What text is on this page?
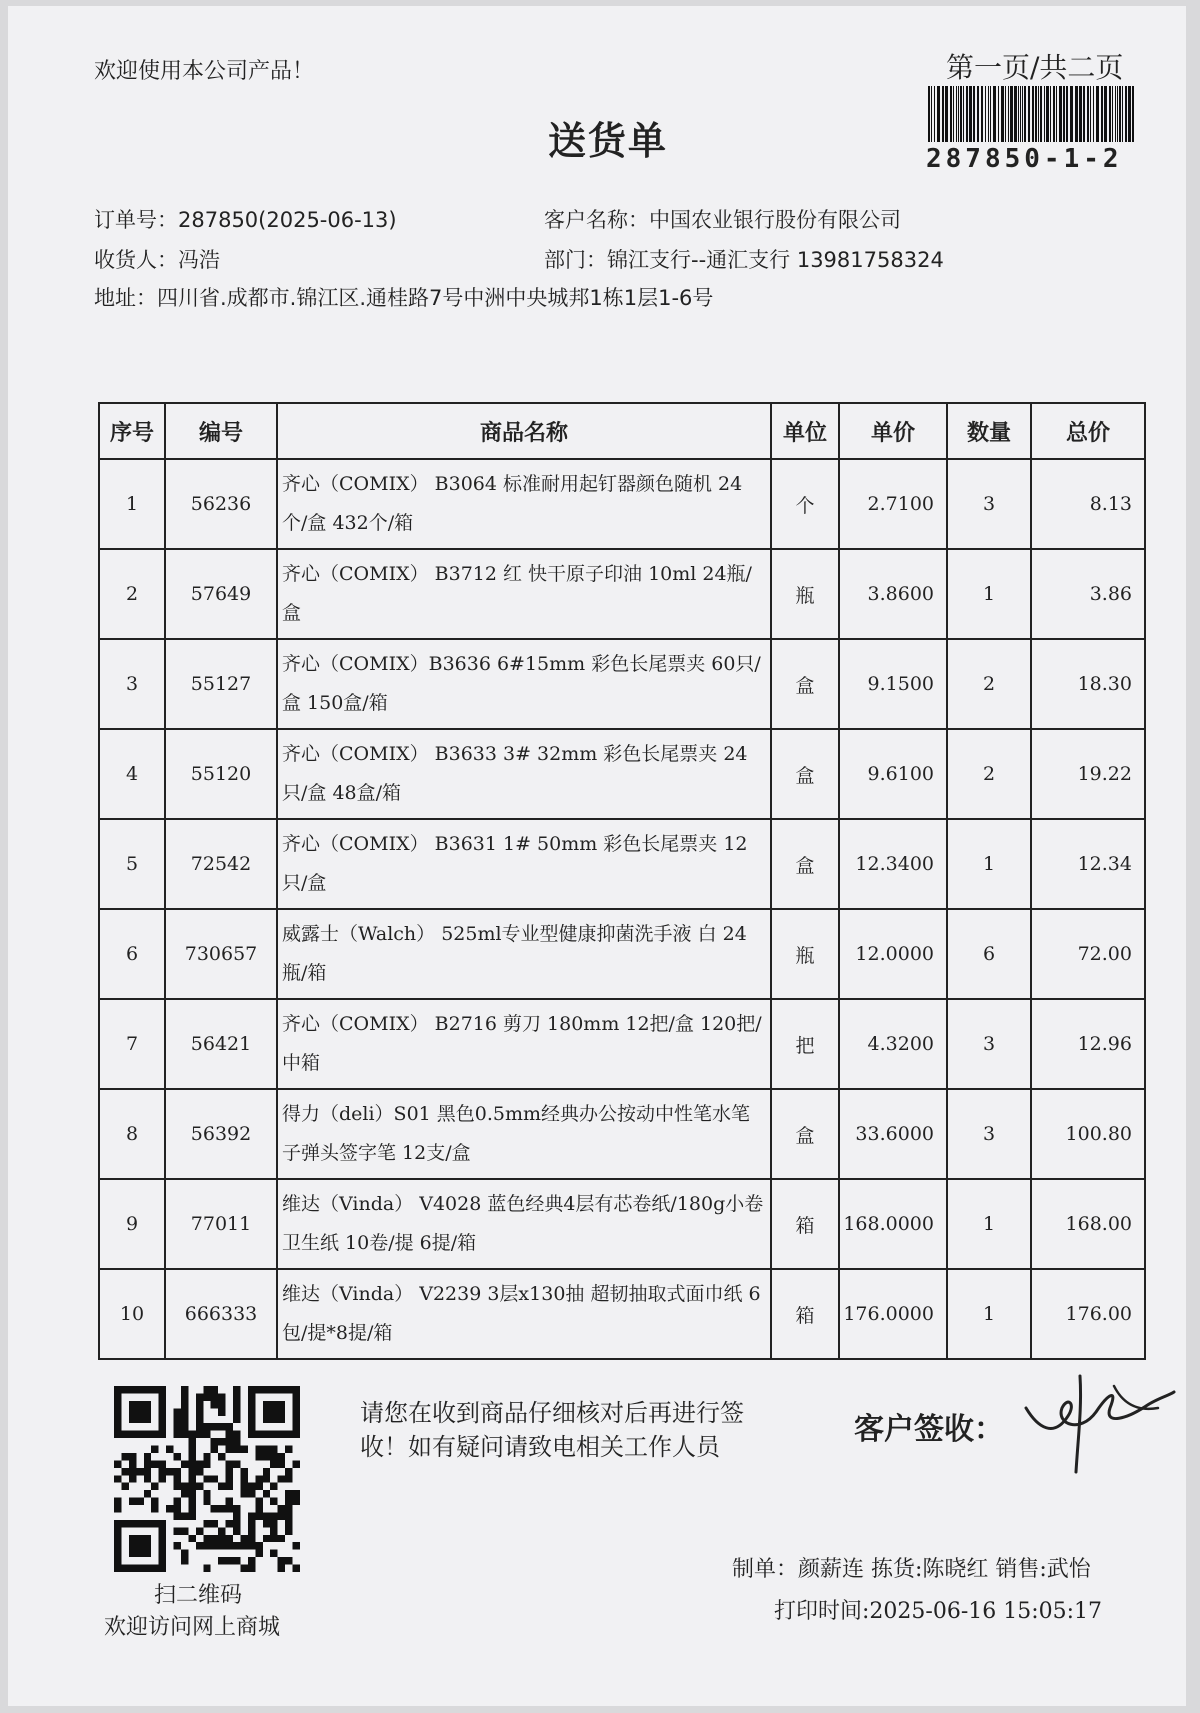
欢迎使用本公司产品！	第一页/共二页
287850-1-2
送货单
订单号：287850(2025-06-13)	客户名称：中国农业银行股份有限公司
收货人：冯浩	部门：锦江支行--通汇支行 13981758324
地址：四川省.成都市.锦江区.通桂路7号中洲中央城邦1栋1层1-6号
序号	编号	商品名称	单位	单价	数量	总价
1	56236	齐心（COMIX） B3064 标准耐用起钉器颜色随机 24个/盒 432个/箱	个	2.7100	3	8.13
2	57649	齐心（COMIX） B3712 红 快干原子印油 10ml 24瓶/盒	瓶	3.8600	1	3.86
3	55127	齐心（COMIX）B3636 6#15mm 彩色长尾票夹 60只/盒 150盒/箱	盒	9.1500	2	18.30
4	55120	齐心（COMIX） B3633 3# 32mm 彩色长尾票夹 24只/盒 48盒/箱	盒	9.6100	2	19.22
5	72542	齐心（COMIX） B3631 1# 50mm 彩色长尾票夹 12只/盒	盒	12.3400	1	12.34
6	730657	威露士（Walch） 525ml专业型健康抑菌洗手液 白 24瓶/箱	瓶	12.0000	6	72.00
7	56421	齐心（COMIX） B2716 剪刀 180mm 12把/盒 120把/中箱	把	4.3200	3	12.96
8	56392	得力（deli）S01 黑色0.5mm经典办公按动中性笔水笔 子弹头签字笔 12支/盒	盒	33.6000	3	100.80
9	77011	维达（Vinda） V4028 蓝色经典4层有芯卷纸/180g小卷卫生纸 10卷/提 6提/箱	箱	168.0000	1	168.00
10	666333	维达（Vinda） V2239 3层x130抽 超韧抽取式面巾纸 6包/提*8提/箱	箱	176.0000	1	176.00
扫二维码
欢迎访问网上商城
请您在收到商品仔细核对后再进行签收！如有疑问请致电相关工作人员	客户签收：
制单：颜薪连 拣货:陈晓红 销售:武怡
打印时间:2025-06-16 15:05:17
